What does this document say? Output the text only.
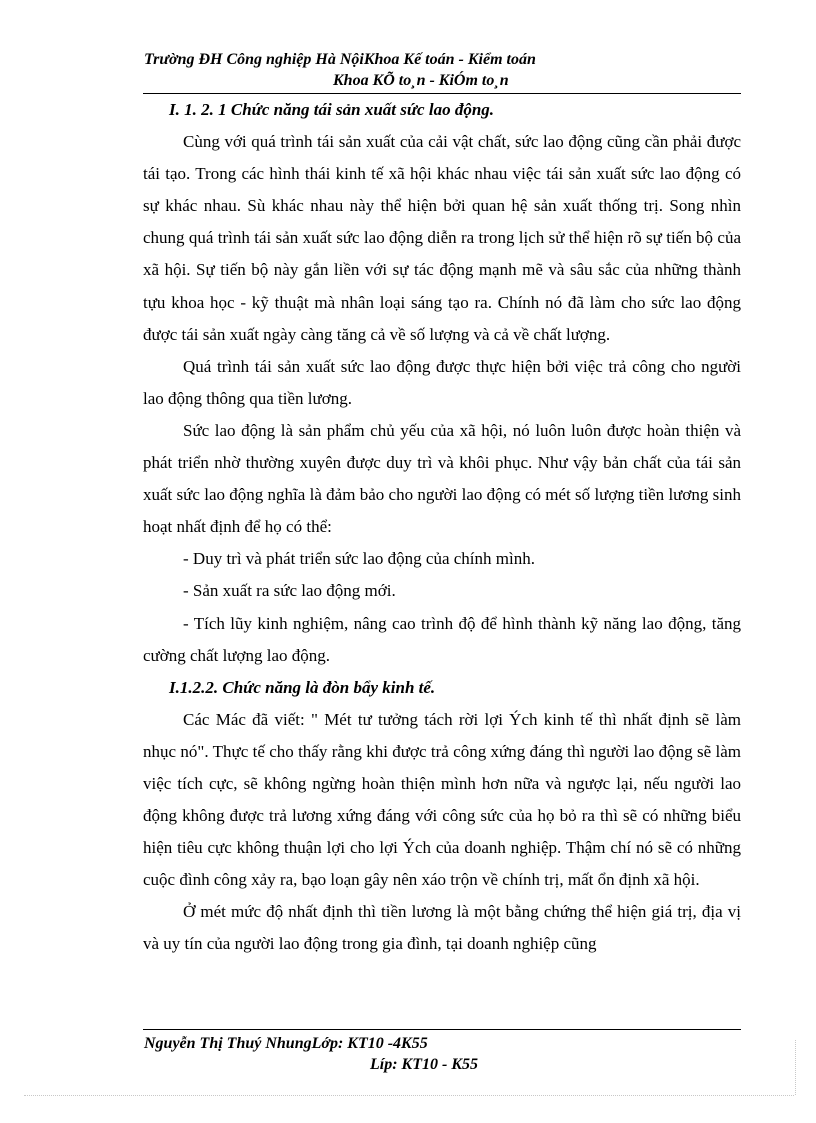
Trường ĐH Công nghiệp Hà NộiKhoa Kế toán - Kiểm toán
Khoa KÕ to¸n - KiÓm to¸n

I. 1. 2. 1 Chức năng tái sản xuất sức lao động.

Cùng với quá trình tái sản xuất của cải vật chất, sức lao động cũng cần phải được tái tạo. Trong các hình thái kinh tế xã hội khác nhau việc tái sản xuất sức lao động có sự khác nhau. Sù khác nhau này thể hiện bởi quan hệ sản xuất thống trị. Song nhìn chung quá trình tái sản xuất sức lao động diễn ra trong lịch sử thể hiện rõ sự tiến bộ của xã hội. Sự tiến bộ này gắn liền với sự tác động mạnh mẽ và sâu sắc của những thành tựu khoa học - kỹ thuật mà nhân loại sáng tạo ra. Chính nó đã làm cho sức lao động được tái sản xuất ngày càng tăng cả về số lượng và cả về chất lượng.

Quá trình tái sản xuất sức lao động được thực hiện bởi việc trả công cho người lao động thông qua tiền lương.

Sức lao động là sản phẩm chủ yếu của xã hội, nó luôn luôn được hoàn thiện và phát triển nhờ thường xuyên được duy trì và khôi phục. Như vậy bản chất của tái sản xuất sức lao động nghĩa là đảm bảo cho người lao động có mét số lượng tiền lương sinh hoạt nhất định để họ có thể:

- Duy trì và phát triển sức lao động của chính mình.

- Sản xuất ra sức lao động mới.

- Tích lũy kinh nghiệm, nâng cao trình độ để hình thành kỹ năng lao động, tăng cường chất lượng lao động.

I.1.2.2. Chức năng là đòn bẩy kinh tế.

Các Mác đã viết: " Mét tư tưởng tách rời lợi Ých kinh tế thì nhất định sẽ làm nhục nó". Thực tế cho thấy rằng khi được trả công xứng đáng thì người lao động sẽ làm việc tích cực, sẽ không ngừng hoàn thiện mình hơn nữa và ngược lại, nếu người lao động không được trả lương xứng đáng với công sức của họ bỏ ra thì sẽ có những biểu hiện tiêu cực không thuận lợi cho lợi Ých của doanh nghiệp. Thậm chí nó sẽ có những cuộc đình công xảy ra, bạo loạn gây nên xáo trộn về chính trị, mất ổn định xã hội.

Ở mét mức độ nhất định thì tiền lương là một bằng chứng thể hiện giá trị, địa vị và uy tín của người lao động trong gia đình, tại doanh nghiệp cũng

Nguyễn Thị Thuý NhungLớp: KT10 -4K55
Líp: KT10 - K55
